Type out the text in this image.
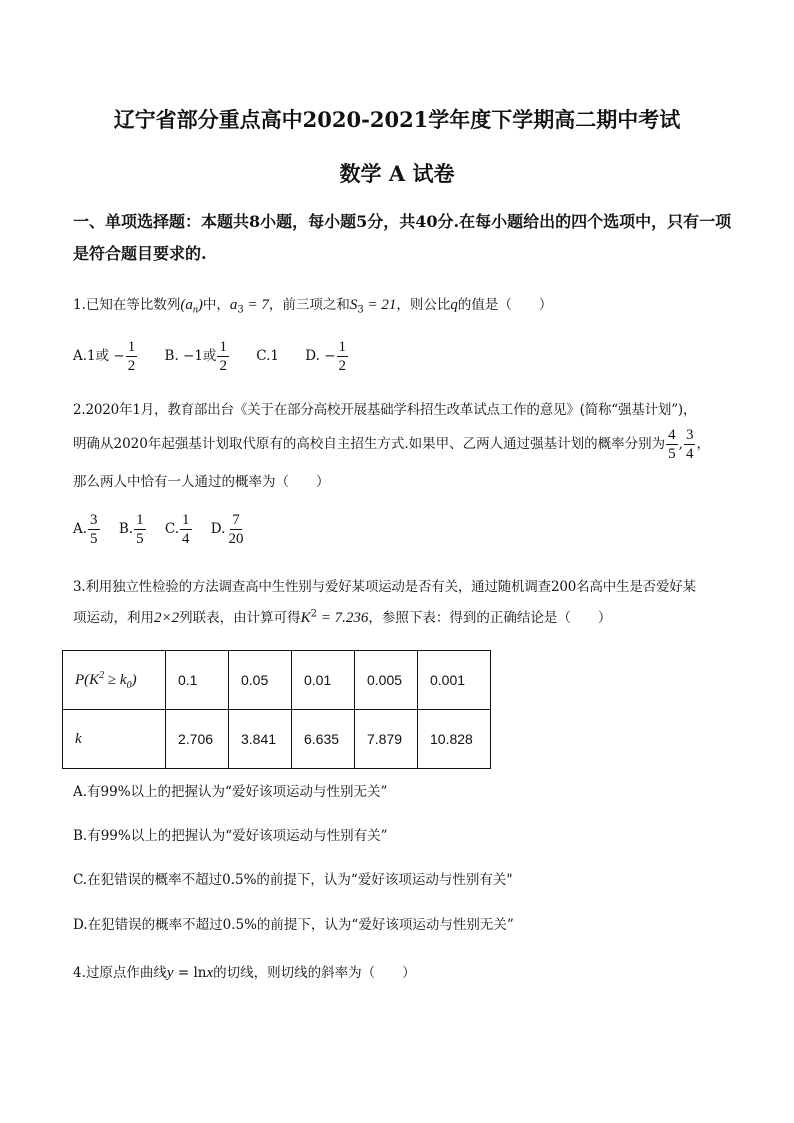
辽宁省部分重点高中2020-2021学年度下学期高二期中考试
数学 A 试卷
一、单项选择题：本题共8小题，每小题5分，共40分.在每小题给出的四个选项中，只有一项是符合题目要求的.
1.已知在等比数列$(a_n)$中，$a_3 = 7$，前三项之和$S_3 = 21$，则公比q的值是（　　）
A.1或 − $\frac{1}{2} B$. −1或 $\frac{1}{2} C.1$ D. − $\frac{1}{2}$
2.2020年1月，教育部出台《关于在部分高校开展基础学科招生改革试点工作的意见》(简称“强基计划”)，
明确从2020年起强基计划取代原有的高校自主招生方式.如果甲、乙两人通过强基计划的概率分别为 $\frac{4}{5}$ , $\frac{3}{4}$ ，
那么两人中恰有一人通过的概率为（　　）
A. $\frac{3}{5} B$. $\frac{1}{5} C$. $\frac{1}{4} D$. $\frac{7}{20}$
3.利用独立性检验的方法调查高中生性别与爱好某项运动是否有关，通过随机调查200名高中生是否爱好某
项运动，利用2×2列联表，由计算可得$K^2 = 7.236$，参照下表：得到的正确结论是（　　）
$P(K^2 \ge k_0)$	0.1	0.05	0.01	0.005	0.001
k	2.706	3.841	6.635	7.879	10.828
A.有99%以上的把握认为“爱好该项运动与性别无关”
B.有99%以上的把握认为“爱好该项运动与性别有关”
C.在犯错误的概率不超过0.5%的前提下，认为“爱好该项运动与性别有关"
D.在犯错误的概率不超过0.5%的前提下，认为“爱好该项运动与性别无关”
4.过原点作曲线y = lnx的切线，则切线的斜率为（　　）
